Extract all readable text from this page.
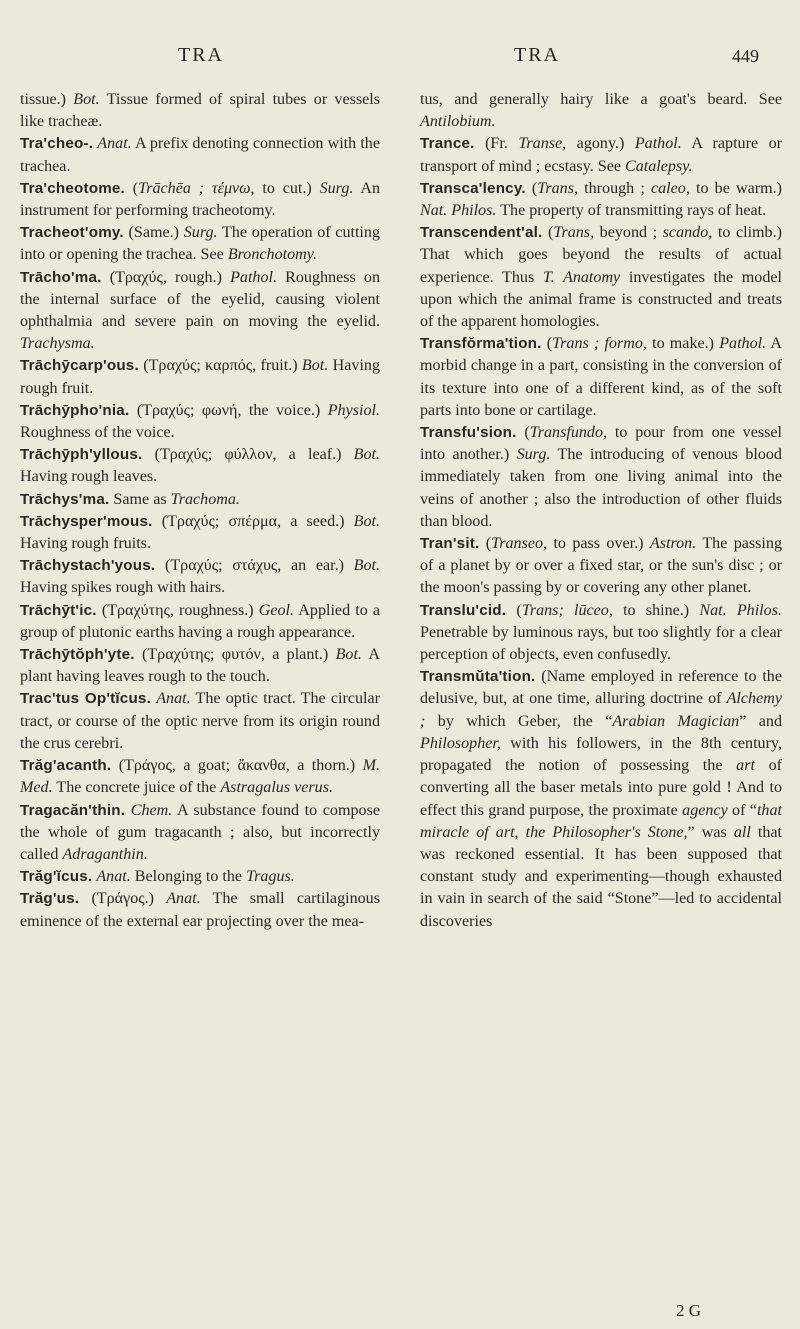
TRA	TRA	449

tissue.) Bot. Tissue formed of spiral tubes or vessels like tracheæ.

Tra'cheo-. Anat. A prefix denoting connection with the trachea.

Tra'cheotome. (Trāchēa ; τέμνω, to cut.) Surg. An instrument for performing tracheotomy.

Tracheot'omy. (Same.) Surg. The operation of cutting into or opening the trachea. See Bronchotomy.

Trācho'ma. (Τραχύς, rough.) Pathol. Roughness on the internal surface of the eyelid, causing violent ophthalmia and severe pain on moving the eyelid. Trachysma.

Trāchȳcarp'ous. (Τραχύς; καρπός, fruit.) Bot. Having rough fruit.

Trāchȳpho'nia. (Τραχύς; φωνή, the voice.) Physiol. Roughness of the voice.

Trāchȳph'yllous. (Τραχύς; φύλλον, a leaf.) Bot. Having rough leaves.

Trāchys'ma. Same as Trachoma.

Trāchysper'mous. (Τραχύς; σπέρμα, a seed.) Bot. Having rough fruits.

Trāchystach'yous. (Τραχύς; στάχυς, an ear.) Bot. Having spikes rough with hairs.

Trāchȳt'ic. (Τραχύτης, roughness.) Geol. Applied to a group of plutonic earths having a rough appearance.

Trāchȳtŏph'yte. (Τραχύτης; φυτόν, a plant.) Bot. A plant having leaves rough to the touch.

Trac'tus Op'tĭcus. Anat. The optic tract. The circular tract, or course of the optic nerve from its origin round the crus cerebri.

Trăg'acanth. (Τράγος, a goat; ἄκανθα, a thorn.) M. Med. The concrete juice of the Astragalus verus.

Tragacăn'thin. Chem. A substance found to compose the whole of gum tragacanth ; also, but incorrectly called Adraganthin.

Trăg'ĭcus. Anat. Belonging to the Tragus.

Trăg'us. (Τράγος.) Anat. The small cartilaginous eminence of the external ear projecting over the mea-

tus, and generally hairy like a goat's beard. See Antilobium.

Trance. (Fr. Transe, agony.) Pathol. A rapture or transport of mind ; ecstasy. See Catalepsy.

Transca'lency. (Trans, through ; caleo, to be warm.) Nat. Philos. The property of transmitting rays of heat.

Transcendent'al. (Trans, beyond ; scando, to climb.) That which goes beyond the results of actual experience. Thus T. Anatomy investigates the model upon which the animal frame is constructed and treats of the apparent homologies.

Transfŏrma'tion. (Trans ; formo, to make.) Pathol. A morbid change in a part, consisting in the conversion of its texture into one of a different kind, as of the soft parts into bone or cartilage.

Transfu'sion. (Transfundo, to pour from one vessel into another.) Surg. The introducing of venous blood immediately taken from one living animal into the veins of another ; also the introduction of other fluids than blood.

Tran'sit. (Transeo, to pass over.) Astron. The passing of a planet by or over a fixed star, or the sun's disc ; or the moon's passing by or covering any other planet.

Translu'cid. (Trans; lūceo, to shine.) Nat. Philos. Penetrable by luminous rays, but too slightly for a clear perception of objects, even confusedly.

Transmŭta'tion. (Name employed in reference to the delusive, but, at one time, alluring doctrine of Alchemy ; by which Geber, the “Arabian Magician” and Philosopher, with his followers, in the 8th century, propagated the notion of possessing the art of converting all the baser metals into pure gold ! And to effect this grand purpose, the proximate agency of “that miracle of art, the Philosopher's Stone,” was all that was reckoned essential. It has been supposed that constant study and experimenting—though exhausted in vain in search of the said “Stone”—led to accidental discoveries

2 G
